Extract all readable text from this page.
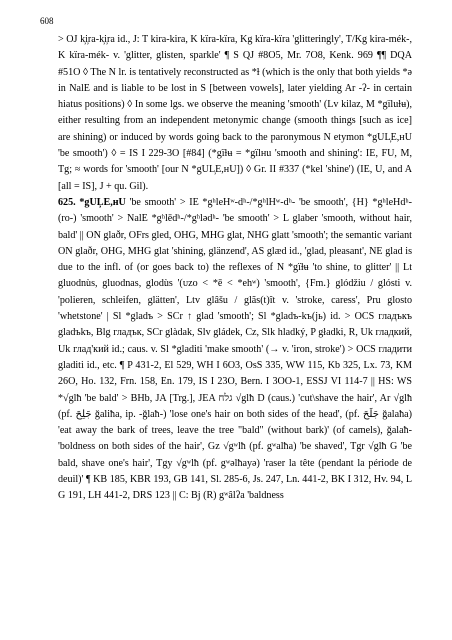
608

> OJ k̦i̦ra-k̦i̦ra id., J: T kira-kira, K kïra-kïra, Kg kïra-kïra 'glitteringly', T/Kg kira-mék-, K kïra-mék- v. 'glitter, glisten, sparkle' ¶ S QJ #8O5, Mr. 7O8, Kenk. 969 ¶¶ DQA #51O ◊ The N lr. is tentatively reconstructed as *ɫ (which is the only that both yields *ə in NalE and is liable to be lost in S [between vowels], later yielding Ar -ʔ- in certain hiatus positions) ◊ In some lgs. we observe the meaning 'smooth' (Lv kilaz, M *gïluɫʉ), either resulting from an independent metonymic change (smooth things [such as ice] are shining) or induced by words going back to the paronymous N etymon *gUL̦E,ʜU 'be smooth') ◊ = IS I 229-3O [#84] (*gïɫʉ = *gïlʜu 'smooth and shining': IE, FU, M, Tg; ≈ words for 'smooth' [our N *gUL̦E,ʜU]) ◊ Gr. II #337 (*kel 'shine') (IE, U, and A [all = IS], J + qu. Gil).

625. *gUL̦E,ʜU 'be smooth' > IE *gʰleHʷ-dʰ-/*gʰlHʷ-dʰ- 'be smooth', {H} *gʰleHdʰ-(ro-) 'smooth' > NalE *gʰlēdʰ-/*gʰlədʰ- 'be smooth' > L glaber 'smooth, without hair, bald' || ON glaðr, OFrs gled, OHG, MHG glat, NHG glatt 'smooth'; the semantic variant ON glaðr, OHG, MHG glat 'shining, glänzend', AS glæd id., 'glad, pleasant', NE glad is due to the infl. of (or goes back to) the reflexes of N *gïɫʉ 'to shine, to glitter' || Lt gluodnùs, gluodnas, glodùs '(ᴜᴢᴏ < *ē < *ehʷ) 'smooth', {Fm.} glódžiu / glósti v. 'polieren, schleifen, glätten', Ltv glâšu / glãs(t)ît v. 'stroke, caress', Pru glosto 'whetstone' | Sl *gladъ > SCr ↑ glad 'smooth'; Sl *gladъ-kъ(jь) id. > OCS гладъкъ gladъkъ, Blg гладък, SCr glàdak, Slv gládek, Cz, Slk hladký, P gładki, R, Uk гладкий, Uk глад'кий id.; caus. v. Sl *gladiti 'make smooth' (→ v. 'iron, stroke') > OCS гладити gladiti id., etc. ¶ P 431-2, El 529, WH I 6O3, OsS 335, WW 115, Kb 325, Lx. 73, KM 26O, Ho. 132, Frn. 158, En. 179, IS I 23O, Bern. I 3OO-1, ESSJ VI 114-7 || HS: WS *√glħ 'be bald' > BHb, JA [Trg.], JEA גלח √glħ D (caus.) 'cut\shave the hair', Ar √glħ (pf. جَلِحَ ğaliħa, ip. -ğlaħ-) 'lose one's hair on both sides of the head', (pf. جَلَحَ ğalaħa) 'eat away the bark of trees, leave the tree "bald" (without bark)' (of camels), ğalaħ- 'boldness on both sides of the hair', Gz √gʷlħ (pf. gʷalħa) 'be shaved', Tgr √glħ G 'be bald, shave one's hair', Tgy √gʷlħ (pf. gʷəlħayə) 'raser la tête (pendant la période de deuil)' ¶ KB 185, KBR 193, GB 141, Sl. 285-6, Js. 247, Ln. 441-2, BK I 312, Hv. 94, L G 191, LH 441-2, DRS 123 || C: Bj (R) gʷâlʔa 'baldness
